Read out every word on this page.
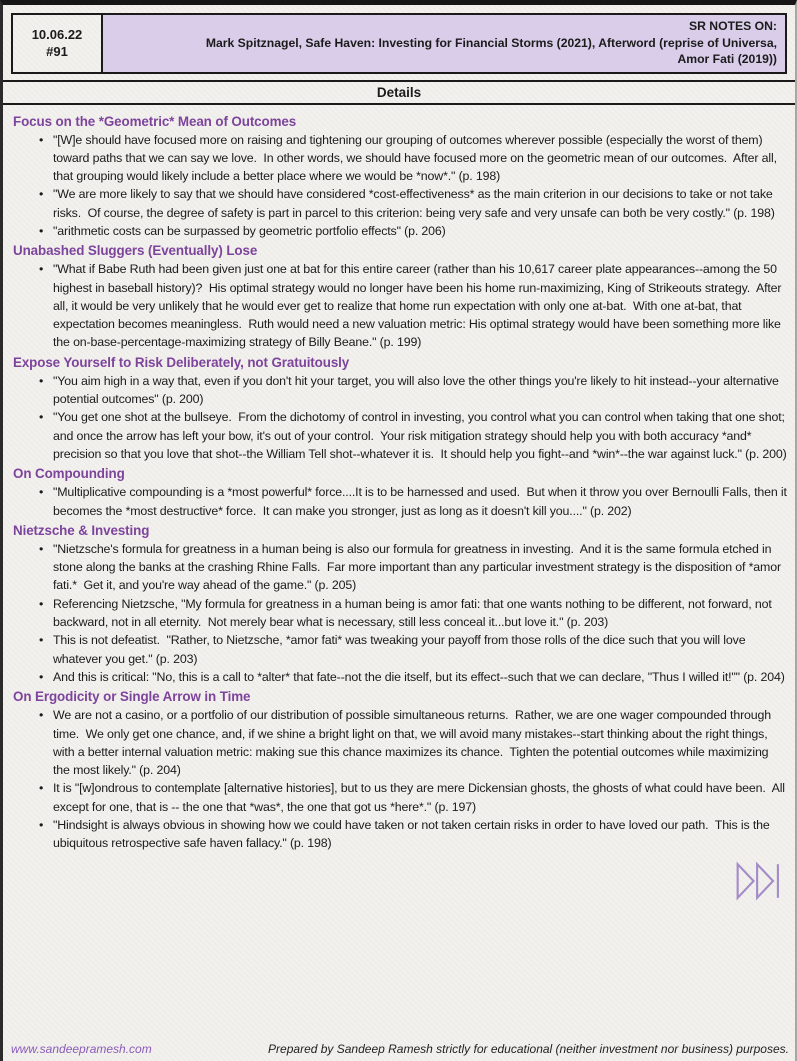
10.06.22
#91
SR NOTES ON:
Mark Spitznagel, Safe Haven: Investing for Financial Storms (2021), Afterword (reprise of Universa,
Amor Fati (2019))
Details
Focus on the *Geometric* Mean of Outcomes
• "[W]e should have focused more on raising and tightening our grouping of outcomes wherever possible (especially the worst of them) toward paths that we can say we love.  In other words, we should have focused more on the geometric mean of our outcomes.  After all, that grouping would likely include a better place where we would be *now*." (p. 198)
• "We are more likely to say that we should have considered *cost-effectiveness* as the main criterion in our decisions to take or not take risks.  Of course, the degree of safety is part in parcel to this criterion: being very safe and very unsafe can both be very costly." (p. 198)
• "arithmetic costs can be surpassed by geometric portfolio effects" (p. 206)
Unabashed Sluggers (Eventually) Lose
• "What if Babe Ruth had been given just one at bat for this entire career (rather than his 10,617 career plate appearances--among the 50 highest in baseball history)?  His optimal strategy would no longer have been his home run-maximizing, King of Strikeouts strategy.  After all, it would be very unlikely that he would ever get to realize that home run expectation with only one at-bat.  With one at-bat, that expectation becomes meaningless.  Ruth would need a new valuation metric: His optimal strategy would have been something more like the on-base-percentage-maximizing strategy of Billy Beane." (p. 199)
Expose Yourself to Risk Deliberately, not Gratuitously
• "You aim high in a way that, even if you don't hit your target, you will also love the other things you're likely to hit instead--your alternative potential outcomes" (p. 200)
• "You get one shot at the bullseye.  From the dichotomy of control in investing, you control what you can control when taking that one shot; and once the arrow has left your bow, it's out of your control.  Your risk mitigation strategy should help you with both accuracy *and* precision so that you love that shot--the William Tell shot--whatever it is.  It should help you fight--and *win*--the war against luck." (p. 200)
On Compounding
• "Multiplicative compounding is a *most powerful* force....It is to be harnessed and used.  But when it throw you over Bernoulli Falls, then it becomes the *most destructive* force.  It can make you stronger, just as long as it doesn't kill you...." (p. 202)
Nietzsche & Investing
• "Nietzsche's formula for greatness in a human being is also our formula for greatness in investing.  And it is the same formula etched in stone along the banks at the crashing Rhine Falls.  Far more important than any particular investment strategy is the disposition of *amor fati.*  Get it, and you're way ahead of the game." (p. 205)
• Referencing Nietzsche, "My formula for greatness in a human being is amor fati: that one wants nothing to be different, not forward, not backward, not in all eternity.  Not merely bear what is necessary, still less conceal it...but love it." (p. 203)
• This is not defeatist.  "Rather, to Nietzsche, *amor fati* was tweaking your payoff from those rolls of the dice such that you will love whatever you get." (p. 203)
• And this is critical: "No, this is a call to *alter* that fate--not the die itself, but its effect--such that we can declare, "Thus I willed it!"" (p. 204)
On Ergodicity or Single Arrow in Time
• We are not a casino, or a portfolio of our distribution of possible simultaneous returns.  Rather, we are one wager compounded through time.  We only get one chance, and, if we shine a bright light on that, we will avoid many mistakes--start thinking about the right things, with a better internal valuation metric: making sue this chance maximizes its chance.  Tighten the potential outcomes while maximizing the most likely." (p. 204)
• It is "[w]ondrous to contemplate [alternative histories], but to us they are mere Dickensian ghosts, the ghosts of what could have been.  All except for one, that is -- the one that *was*, the one that got us *here*." (p. 197)
• "Hindsight is always obvious in showing how we could have taken or not taken certain risks in order to have loved our path.  This is the ubiquitous retrospective safe haven fallacy." (p. 198)
www.sandeepramesh.com	Prepared by Sandeep Ramesh strictly for educational (neither investment nor business) purposes.
